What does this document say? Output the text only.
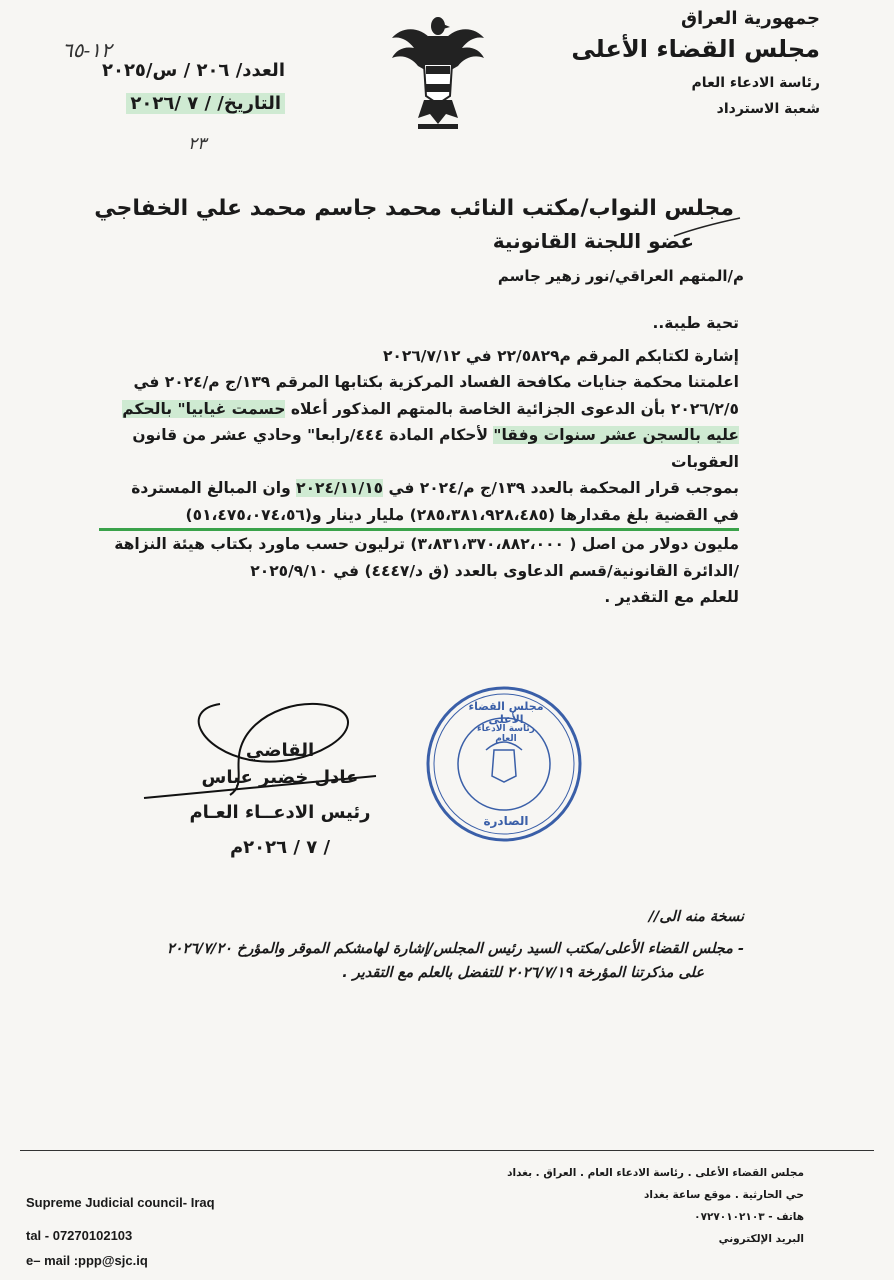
جمهورية العراق
مجلس القضاء الأعلى
رئاسة الادعاء العام
شعبة الاسترداد
١٢-٦٥
العدد/ ٢٠٦ / س/٢٠٢٥
التاريخ/ / ٧ /٢٠٢٦
٢٣
مجلس النواب/مكتب النائب محمد جاسم محمد علي الخفاجي
عضو اللجنة القانونية
م/المتهم العراقي/نور زهير جاسم
تحية طيبة..
إشارة لكتابكم المرقم م٢٢/٥٨٢٩ في ٢٠٢٦/٧/١٢
اعلمتنا محكمة جنايات مكافحة الفساد المركزية بكتابها المرقم ١٣٩/ج م/٢٠٢٤ في
٢٠٢٦/٢/٥ بأن الدعوى الجزائية الخاصة بالمتهم المذكور أعلاه حسمت غيابيا" بالحكم
عليه بالسجن عشر سنوات وفقا" لأحكام المادة ٤٤٤/رابعا" وحادي عشر من قانون العقوبات
بموجب قرار المحكمة بالعدد ١٣٩/ج م/٢٠٢٤ في ٢٠٢٤/١١/١٥ وان المبالغ المستردة
في القضية بلغ مقدارها (٢٨٥،٣٨١،٩٢٨،٤٨٥) مليار دينار و(٥١،٤٧٥،٠٧٤،٥٦)
مليون دولار من اصل ( ٣،٨٣١،٣٧٠،٨٨٢،٠٠٠) ترليون حسب ماورد بكتاب هيئة النزاهة
/الدائرة القانونية/قسم الدعاوى بالعدد (ق د/٤٤٤٧) في ٢٠٢٥/٩/١٠
للعلم مع التقدير .
مجلس القضاء الأعلى
رئاسة الادعاء العام
الصادرة
القاضي
عادل خضير عباس
رئيس الادعــاء العـام
/ ٧ / ٢٠٢٦م
نسخة منه الى//
- مجلس القضاء الأعلى/مكتب السيد رئيس المجلس/إشارة لهامشكم الموقر والمؤرخ ٢٠٢٦/٧/٢٠
على مذكرتنا المؤرخة ٢٠٢٦/٧/١٩ للتفضل بالعلم مع التقدير .
مجلس القضاء الأعلى . رئاسة الادعاء العام . العراق . بغداد
حي الحارثية . موقع ساعة بغداد
هاتف - ٠٧٢٧٠١٠٢١٠٣
البريد الإلكتروني
Supreme Judicial council- Iraq
tal - 07270102103
e– mail :ppp@sjc.iq
